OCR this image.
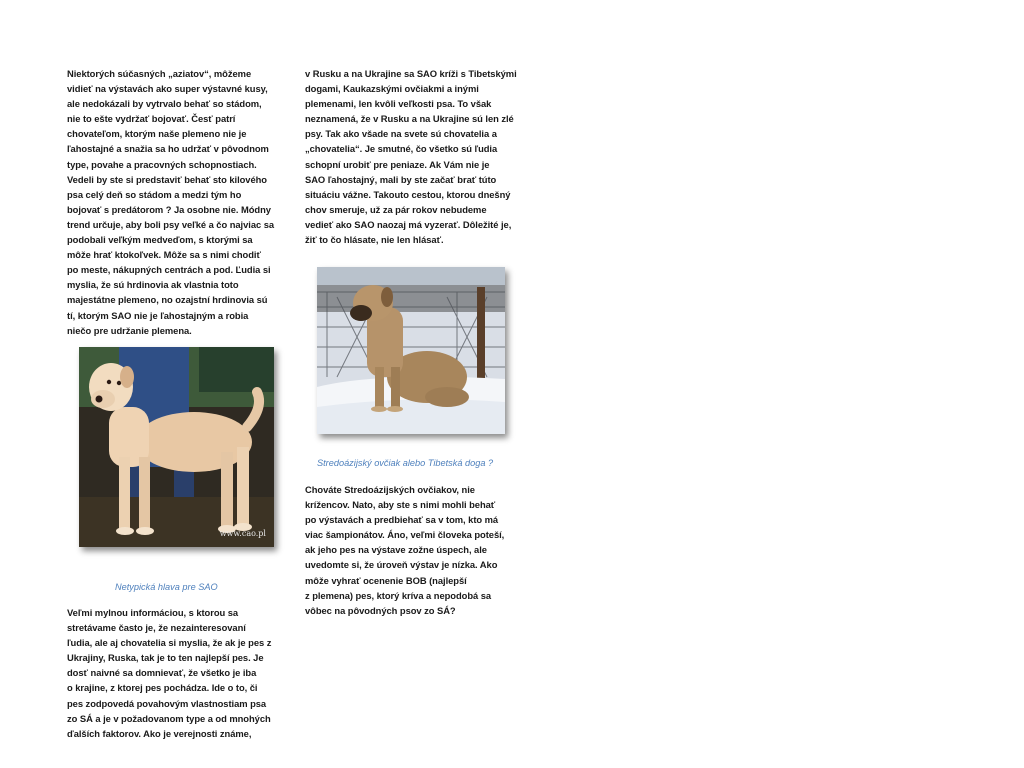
Niektorých súčasných „aziatov“, môžeme
vidieť na výstavách ako super výstavné kusy,
ale nedokázali by vytrvalo behať so stádom,
nie to ešte vydržať bojovať. Česť patrí
chovateľom, ktorým naše plemeno nie je
ľahostajné a snažia sa ho udržať v pôvodnom
type, povahe a pracovných schopnostiach.
Vedeli by ste si predstaviť behať sto kilového
psa celý deň so stádom a medzi tým ho
bojovať s predátorom ? Ja osobne nie. Módny
trend určuje, aby boli psy veľké a čo najviac sa
podobali veľkým medveďom, s ktorými sa
môže hrať ktokoľvek. Môže sa s nimi chodiť
po meste, nákupných centrách a pod. Ľudia si
myslia, že sú hrdinovia ak vlastnia toto
majestátne plemeno, no ozajstní hrdinovia sú
tí, ktorým SAO nie je ľahostajným a robia
niečo pre udržanie plemena.
www.cao.pl
Netypická hlava pre SAO
Veľmi mylnou informáciou, s ktorou sa
stretávame často je, že nezainteresovaní
ľudia, ale aj chovatelia si myslia, že ak je pes z
Ukrajiny, Ruska, tak je to ten najlepší pes. Je
dosť naivné sa domnievať, že všetko je iba
o krajine, z ktorej pes pochádza. Ide o to, či
pes zodpovedá povahovým vlastnostiam psa
zo SÁ a je v požadovanom type a od mnohých
ďalších faktorov. Ako je verejnosti známe,
v Rusku a na Ukrajine sa SAO kríži s Tibetskými
dogami, Kaukazskými ovčiakmi a inými
plemenami, len kvôli veľkosti psa. To však
neznamená, že v Rusku a na Ukrajine sú len zlé
psy. Tak ako všade na svete sú chovatelia a
„chovatelia“. Je smutné, čo všetko sú ľudia
schopní urobiť pre peniaze. Ak Vám nie je
SAO ľahostajný, mali by ste začať brať túto
situáciu vážne. Takouto cestou, ktorou dnešný
chov smeruje, už za pár rokov nebudeme
vedieť ako SAO naozaj má vyzerať. Dôležité je,
žiť to čo hlásate, nie len hlásať.
Stredoázijský ovčiak alebo Tibetská doga ?
Chováte Stredoázijských ovčiakov, nie
krížencov. Nato, aby ste s nimi mohli behať
po výstavách a predbiehať sa v tom, kto má
viac šampionátov. Áno, veľmi človeka poteší,
ak jeho pes na výstave zožne úspech, ale
uvedomte si, že úroveň výstav je nízka. Ako
môže vyhrať ocenenie BOB (najlepší
z plemena) pes, ktorý kríva a nepodobá sa
vôbec na pôvodných psov zo SÁ?
